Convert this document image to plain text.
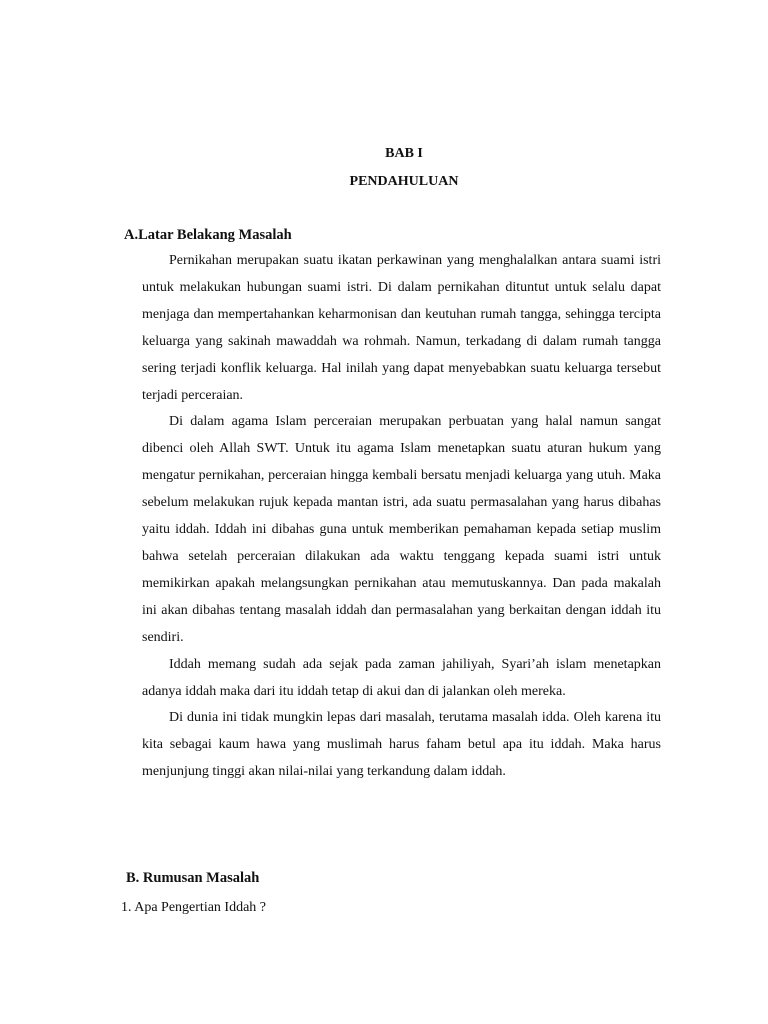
BAB I
PENDAHULUAN
A.Latar Belakang Masalah

Pernikahan merupakan suatu ikatan perkawinan yang menghalalkan antara suami istri untuk melakukan hubungan suami istri. Di dalam pernikahan dituntut untuk selalu dapat menjaga dan mempertahankan keharmonisan dan keutuhan rumah tangga, sehingga tercipta keluarga yang sakinah mawaddah wa rohmah. Namun, terkadang di dalam rumah tangga sering terjadi konflik keluarga. Hal inilah yang dapat menyebabkan suatu keluarga tersebut terjadi perceraian.

Di dalam agama Islam perceraian merupakan perbuatan yang halal namun sangat dibenci oleh Allah SWT. Untuk itu agama Islam menetapkan suatu aturan hukum yang mengatur pernikahan, perceraian hingga kembali bersatu menjadi keluarga yang utuh. Maka sebelum melakukan rujuk kepada mantan istri, ada suatu permasalahan yang harus dibahas yaitu iddah. Iddah ini dibahas guna untuk memberikan pemahaman kepada setiap muslim bahwa setelah perceraian dilakukan ada waktu tenggang kepada suami istri untuk memikirkan apakah melangsungkan pernikahan atau memutuskannya. Dan pada makalah ini akan dibahas tentang masalah iddah dan permasalahan yang berkaitan dengan iddah itu sendiri.

Iddah memang sudah ada sejak pada zaman jahiliyah, Syari’ah islam menetapkan adanya iddah maka dari itu iddah tetap di akui dan di jalankan oleh mereka.

Di dunia ini tidak mungkin lepas dari masalah, terutama masalah idda. Oleh karena itu kita sebagai kaum hawa yang muslimah harus faham betul apa itu iddah. Maka harus menjunjung tinggi akan nilai-nilai yang terkandung dalam iddah.

B. Rumusan Masalah
1. Apa Pengertian Iddah ?
